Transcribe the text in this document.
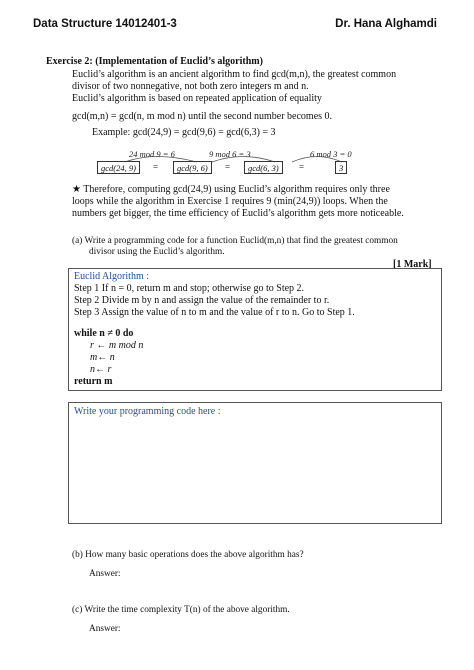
Data Structure 14012401-3	Dr. Hana Alghamdi
Exercise 2: (Implementation of Euclid’s algorithm)
Euclid’s algorithm is an ancient algorithm to find gcd(m,n), the greatest common
divisor of two nonnegative, not both zero integers m and n.
Euclid’s algorithm is based on repeated application of equality
gcd(m,n) = gcd(n, m mod n) until the second number becomes 0.
Example: gcd(24,9) = gcd(9,6) = gcd(6,3) = 3
24 mod 9 = 6	9 mod 6 = 3	6 mod 3 = 0
gcd(24, 9)	=	gcd(9, 6)	=	gcd(6, 3)	=	3
★ Therefore, computing gcd(24,9) using Euclid’s algorithm requires only three
loops while the algorithm in Exercise 1 requires 9 (min(24,9)) loops. When the
numbers get bigger, the time efficiency of Euclid’s algorithm gets more noticeable.
(a) Write a programming code for a function Euclid(m,n) that find the greatest common
divisor using the Euclid’s algorithm.
[1 Mark]
Euclid Algorithm :
Step 1 If n = 0, return m and stop; otherwise go to Step 2.
Step 2 Divide m by n and assign the value of the remainder to r.
Step 3 Assign the value of n to m and the value of r to n. Go to Step 1.
while n ≠ 0 do
r ← m mod n
m← n
n← r
return m
Write your programming code here :
(b) How many basic operations does the above algorithm has?
Answer:
(c) Write the time complexity T(n) of the above algorithm.
Answer:
